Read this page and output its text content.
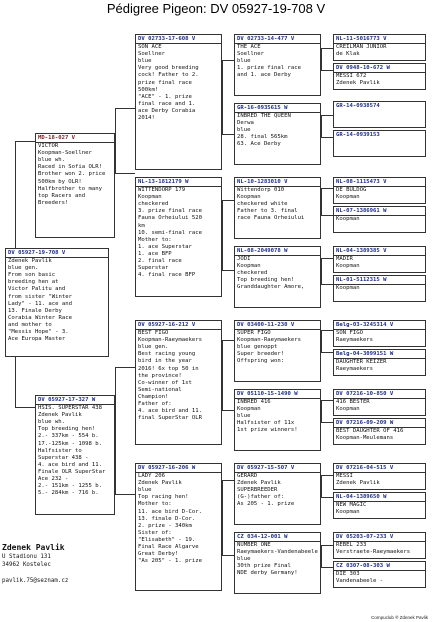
Pédigree Pigeon: DV 05927-19-708 V
DV 05927-19-708 V
Zdenek Pavlik
blue gen.
From son basic
breeding hen at
Victor Palitu and
from sister "Winter
Lady" - 11. ace and
13. Finale Derby
Corabia Winter Race
and mother to
"Messis Hope" - 3.
Ace Europa Master
MD-18-027 V
VICTOR
Koopman-Soellner
blue wh.
Raced in Sofia OLR!
Brother won 2. price
500km by OLR!
Halfbrother to many
top Racers and
Breeders!
DV 05927-17-327 W
HSIS. SUPERSTAR 438
Zdenek Pavlik
blue wh.
Top breeding hen!
2.- 337km - 554 b.
17.-125km - 1098 b.
Halfsister to
Superstar 438 -
4. ace bird and 11.
Finale OLR SuperStar
Ace 232 -
2.- 151km - 1255 b.
5.- 284km - 716 b.
DV 02733-17-608 V
SON ACE
Soellner
blue
Very good breeding
cock! Father to 2.
prize final race
500km!
"ACE" - 1. prize
final race and 1.
ace Derby Corabia
2014!
NL-13-1812179 W
WITTENDORP 179
Koopman
checkered
3. prize final race
Fauna Orheiului 520
km
10. semi-final race
Mother to:
1. ace Superstar
1. ace BFP
2. final race
Superstar
4. final race BFP
DV 05927-16-212 V
BEST FIGO
Koopman-Raeymaekers
blue gen.
Best racing young
bird in the year
2016! 6x top 50 in
the province!
Co-winner of 1st
Semi-national
Champion!
Father of:
4. ace bird and 11.
final SuperStar OLR
DV 05927-16-206 W
LADY 206
Zdenek Pavlik
blue
Top racing hen!
Mother to:
11. ace bird D-Cor.
13. finale D-Cor.
2. prize - 340km
Sister of:
"Elisabeth" - 19.
Final Race Algarve
Great Derby!
"As 205" - 1. prize
DV 02733-14-477 V
THE ACE
Soellner
blue
1. prize final race
and 1. ace Derby
GR-16-0935615 W
INBRED THE QUEEN
Derwa
blue
28. final 565km
63. Ace Derby
NL-10-1283010 V
Wittendorp 010
Koopman
checkered white
Father to 3. final
race Fauna Orheiului
NL-08-2049078 W
JODI
Koopman
checkered
Top breeding hen!
Granddaughter Amore,
DV 03400-11-230 V
SUPER FIGO
Koopman-Raeymaekers
blue genoppt
Super breeder!
Offspring won:
DV 05110-15-1490 W
INBRED 416
Koopman
blue
Halfsister of 11x
1st prize winners!
DV 05927-15-507 V
GERARD
Zdenek Pavlik
SUPERBREEDER
(G-)father of:
As 205 - 1. prize
CZ 034-12-001 W
NUMBER ONE
Raeymaekers-Vandenabeele
blue
30th prize Final
NDE derby Germany!
NL-11-5016773 V
CREILMAN JUNIOR
de Klak
DV 0948-10-672 W
MESSI 672
Zdenek Pavlik
GR-14-0938574
GR-14-0939153
NL-08-1115473 V
DE BULDOG
Koopman
NL-07-1386961 W
Koopman
NL-04-1389385 V
MADIR
Koopman
NL-01-5112315 W
Koopman
Belg-03-3245314 V
SON FIGO
Raeymaekers
Belg-04-3099151 W
DAUGHTER KEIZER
Raeymaekers
DV 07216-10-850 V
416 BESTER
Koopman
DV 07216-09-209 W
BEST DAUGHTER OF 416
Koopman-Meulemans
DV 07216-04-515 V
MESSI
Zdenek Pavlik
NL-04-1389650 W
NEW MAGIC
Koopman
DV 05203-07-233 V
REBEL 233
Verstraete-Raeymaekers
CZ 0307-08-303 W
DIE 303
Vandenabeele -
Zdenek Pavlik
U Stadionu 131
34962 Kostelec
pavlik.75@seznam.cz
Compuclub ® Zdenek Pavlik
